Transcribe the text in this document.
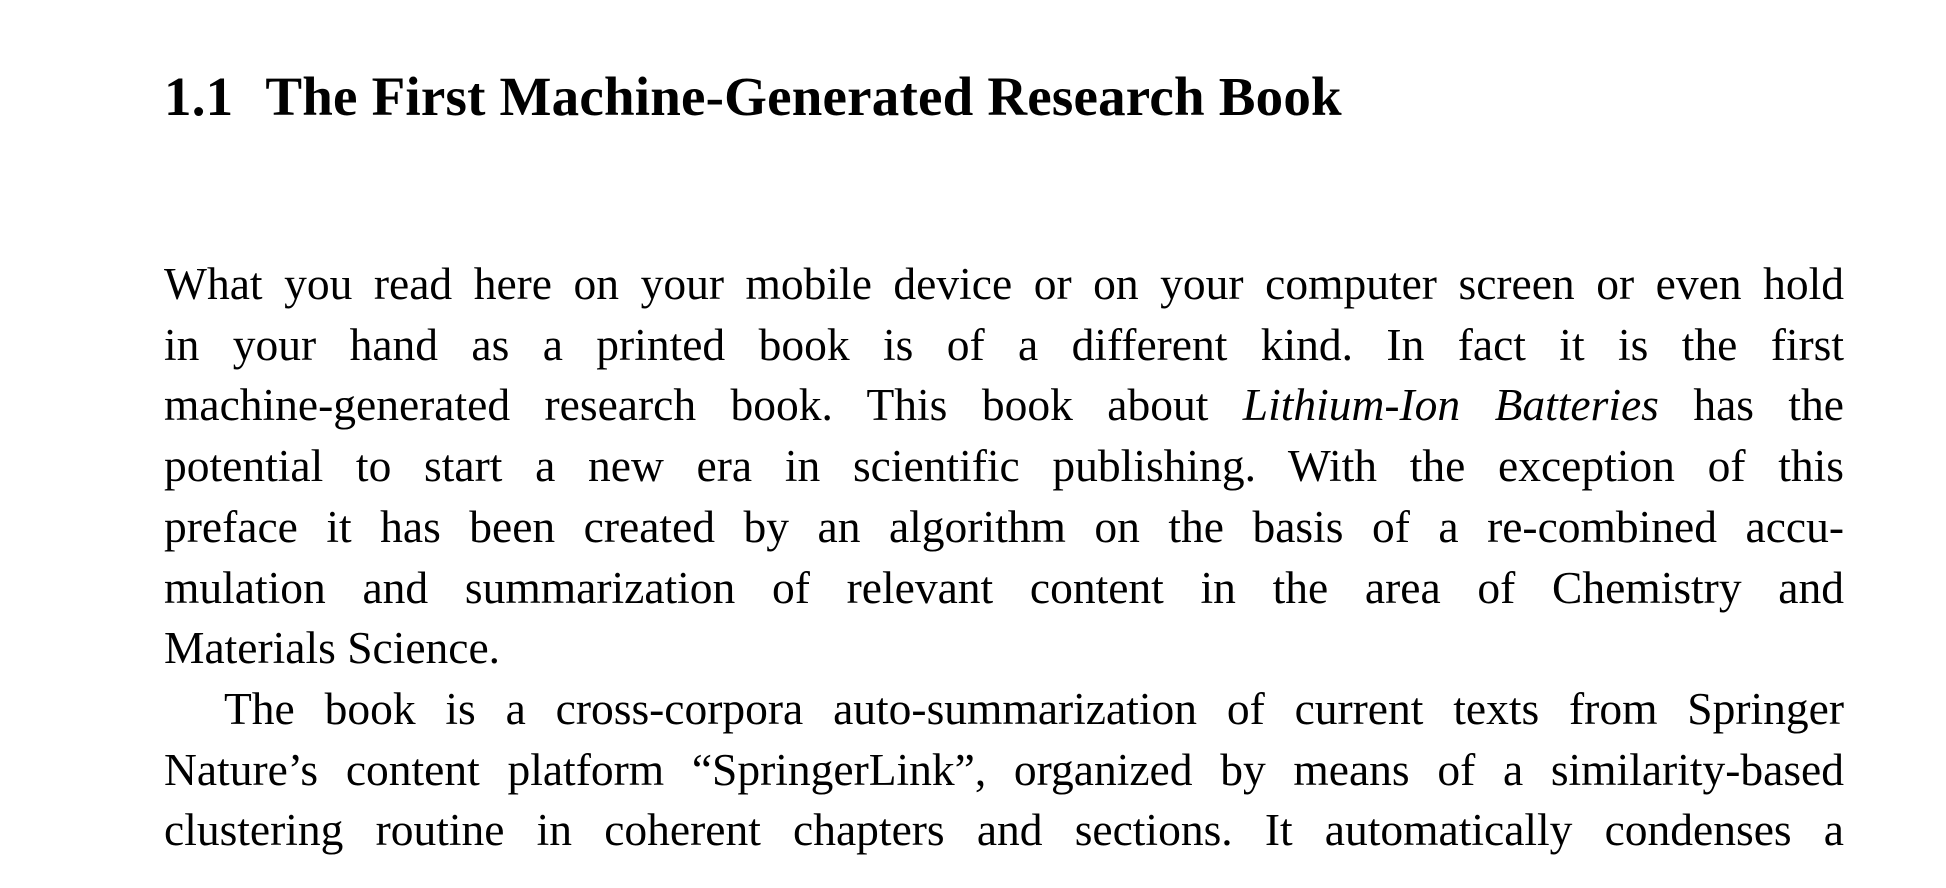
1.1 The First Machine-Generated Research Book

What you read here on your mobile device or on your computer screen or even hold
in your hand as a printed book is of a different kind. In fact it is the first
machine-generated research book. This book about Lithium-Ion Batteries has the
potential to start a new era in scientific publishing. With the exception of this
preface it has been created by an algorithm on the basis of a re-combined accu-
mulation and summarization of relevant content in the area of Chemistry and
Materials Science.

The book is a cross-corpora auto-summarization of current texts from Springer
Nature’s content platform “SpringerLink”, organized by means of a similarity-based
clustering routine in coherent chapters and sections. It automatically condenses a
